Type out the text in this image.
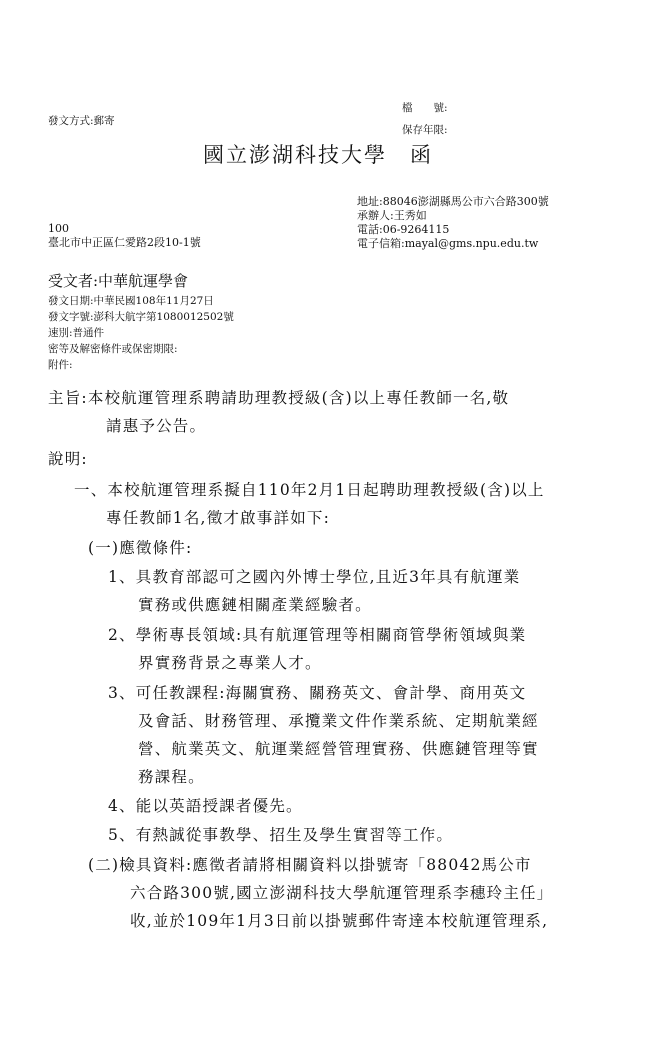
發文方式:郵寄
檔　　號:
保存年限:
國立澎湖科技大學　函
地址:88046澎湖縣馬公市六合路300號
承辦人:王秀如
電話:06-9264115
電子信箱:mayal@gms.npu.edu.tw
100
臺北市中正區仁愛路2段10-1號
受文者:中華航運學會
發文日期:中華民國108年11月27日
發文字號:澎科大航字第1080012502號
速別:普通件
密等及解密條件或保密期限:
附件:
主旨:本校航運管理系聘請助理教授級(含)以上專任教師一名,敬
請惠予公告。
說明:
一、本校航運管理系擬自110年2月1日起聘助理教授級(含)以上
專任教師1名,徵才啟事詳如下:
(一)應徵條件:
1、具教育部認可之國內外博士學位,且近3年具有航運業
實務或供應鏈相關產業經驗者。
2、學術專長領域:具有航運管理等相關商管學術領域與業
界實務背景之專業人才。
3、可任教課程:海關實務、關務英文、會計學、商用英文
及會話、財務管理、承攬業文件作業系統、定期航業經
營、航業英文、航運業經營管理實務、供應鏈管理等實
務課程。
4、能以英語授課者優先。
5、有熱誠從事教學、招生及學生實習等工作。
(二)檢具資料:應徵者請將相關資料以掛號寄「88042馬公市
六合路300號,國立澎湖科技大學航運管理系李穗玲主任」
收,並於109年1月3日前以掛號郵件寄達本校航運管理系,
